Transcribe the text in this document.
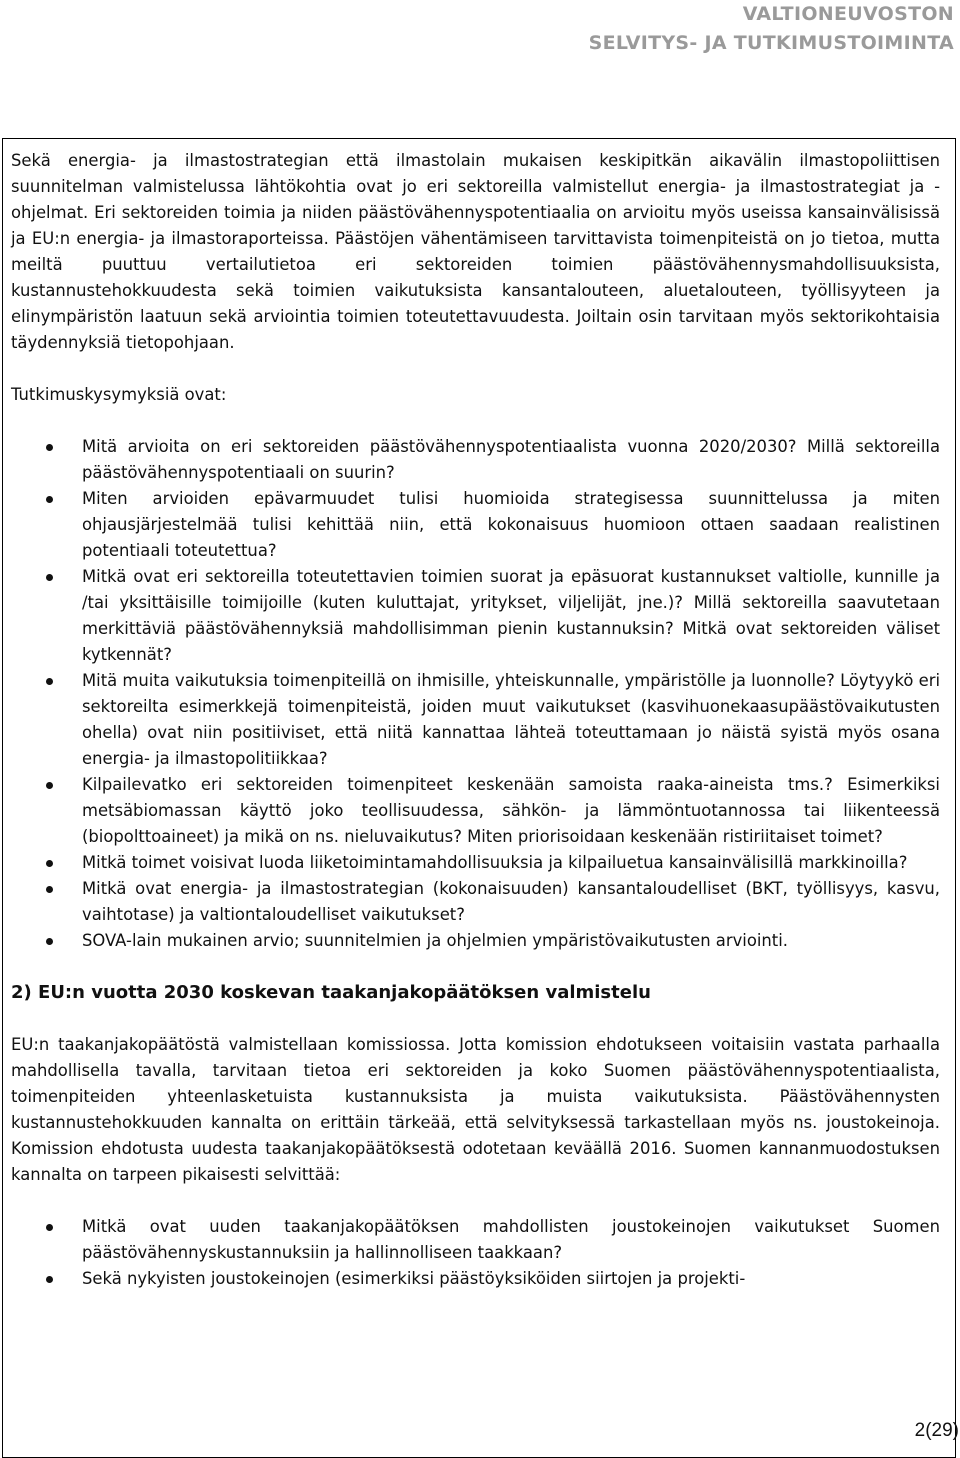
VALTIONEUVOSTON
SELVITYS- JA TUTKIMUSTOIMINTA

Sekä energia- ja ilmastostrategian että ilmastolain mukaisen keskipitkän aikavälin ilmastopoliittisen suunnitelman valmistelussa lähtökohtia ovat jo eri sektoreilla valmistellut energia- ja ilmastostrategiat ja -ohjelmat. Eri sektoreiden toimia ja niiden päästövähennyspotentiaalia on arvioitu myös useissa kansainvälisissä ja EU:n energia- ja ilmastoraporteissa. Päästöjen vähentämiseen tarvittavista toimenpiteistä on jo tietoa, mutta meiltä puuttuu vertailutietoa eri sektoreiden toimien päästövähennysmahdollisuuksista, kustannustehokkuudesta sekä toimien vaikutuksista kansantalouteen, aluetalouteen, työllisyyteen ja elinympäristön laatuun sekä arviointia toimien toteutettavuudesta. Joiltain osin tarvitaan myös sektorikohtaisia täydennyksiä tietopohjaan.

Tutkimuskysymyksiä ovat:

Mitä arvioita on eri sektoreiden päästövähennyspotentiaalista vuonna 2020/2030? Millä sektoreilla päästövähennyspotentiaali on suurin?
Miten arvioiden epävarmuudet tulisi huomioida strategisessa suunnittelussa ja miten ohjausjärjestelmää tulisi kehittää niin, että kokonaisuus huomioon ottaen saadaan realistinen potentiaali toteutettua?
Mitkä ovat eri sektoreilla toteutettavien toimien suorat ja epäsuorat kustannukset valtiolle, kunnille ja /tai yksittäisille toimijoille (kuten kuluttajat, yritykset, viljelijät, jne.)? Millä sektoreilla saavutetaan merkittäviä päästövähennyksiä mahdollisimman pienin kustannuksin? Mitkä ovat sektoreiden väliset kytkennät?
Mitä muita vaikutuksia toimenpiteillä on ihmisille, yhteiskunnalle, ympäristölle ja luonnolle? Löytyykö eri sektoreilta esimerkkejä toimenpiteistä, joiden muut vaikutukset (kasvihuonekaasupäästövaikutusten ohella) ovat niin positiiviset, että niitä kannattaa lähteä toteuttamaan jo näistä syistä myös osana energia- ja ilmastopolitiikkaa?
Kilpailevatko eri sektoreiden toimenpiteet keskenään samoista raaka-aineista tms.? Esimerkiksi metsäbiomassan käyttö joko teollisuudessa, sähkön- ja lämmöntuotannossa tai liikenteessä (biopolttoaineet) ja mikä on ns. nieluvaikutus? Miten priorisoidaan keskenään ristiriitaiset toimet?
Mitkä toimet voisivat luoda liiketoimintamahdollisuuksia ja kilpailuetua kansainvälisillä markkinoilla?
Mitkä ovat energia- ja ilmastostrategian (kokonaisuuden) kansantaloudelliset (BKT, työllisyys, kasvu, vaihtotase) ja valtiontaloudelliset vaikutukset?
SOVA-lain mukainen arvio; suunnitelmien ja ohjelmien ympäristövaikutusten arviointi.

2) EU:n vuotta 2030 koskevan taakanjakopäätöksen valmistelu

EU:n taakanjakopäätöstä valmistellaan komissiossa. Jotta komission ehdotukseen voitaisiin vastata parhaalla mahdollisella tavalla, tarvitaan tietoa eri sektoreiden ja koko Suomen päästövähennyspotentiaalista, toimenpiteiden yhteenlasketuista kustannuksista ja muista vaikutuksista. Päästövähennysten kustannustehokkuuden kannalta on erittäin tärkeää, että selvityksessä tarkastellaan myös ns. joustokeinoja. Komission ehdotusta uudesta taakanjakopäätöksestä odotetaan keväällä 2016. Suomen kannanmuodostuksen kannalta on tarpeen pikaisesti selvittää:

Mitkä ovat uuden taakanjakopäätöksen mahdollisten joustokeinojen vaikutukset Suomen päästövähennyskustannuksiin ja hallinnolliseen taakkaan?
Sekä nykyisten joustokeinojen (esimerkiksi päästöyksiköiden siirtojen ja projekti-
2(29)
